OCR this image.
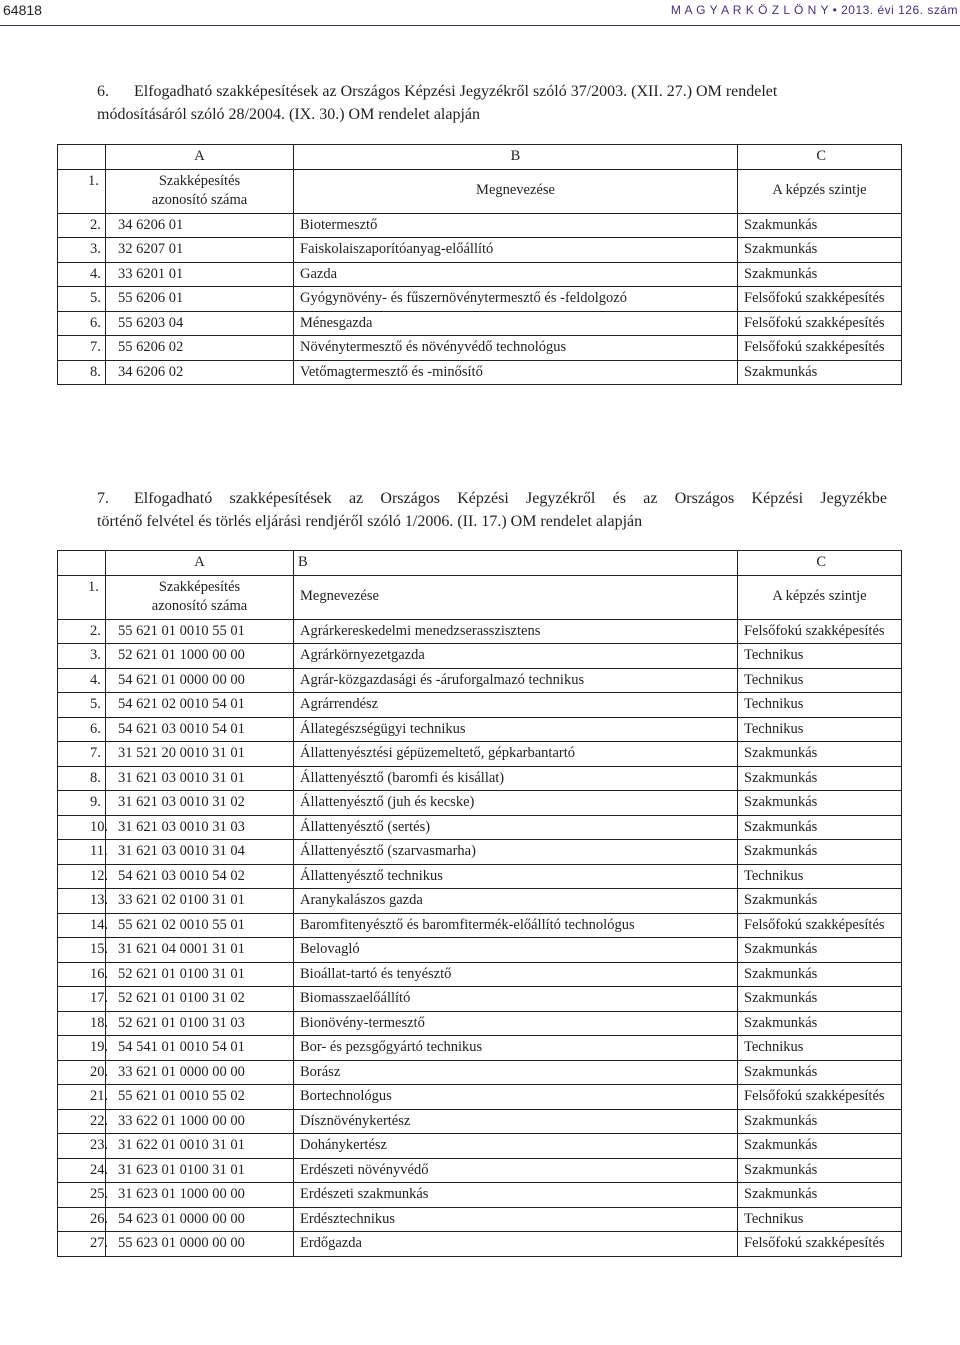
64818	M A G Y A R K Ö Z L Ö N Y • 2013. évi 126. szám
6. Elfogadható szakképesítések az Országos Képzési Jegyzékről szóló 37/2003. (XII. 27.) OM rendelet
módosításáról szóló 28/2004. (IX. 30.) OM rendelet alapján
	A	B	C
1.	Szakképesítés
azonosító száma	Megnevezése	A képzés szintje
2.	34 6206 01	Biotermesztő	Szakmunkás
3.	32 6207 01	Faiskolaiszaporítóanyag-előállító	Szakmunkás
4.	33 6201 01	Gazda	Szakmunkás
5.	55 6206 01	Gyógynövény- és fűszernövénytermesztő és -feldolgozó	Felsőfokú szakképesítés
6.	55 6203 04	Ménesgazda	Felsőfokú szakképesítés
7.	55 6206 02	Növénytermesztő és növényvédő technológus	Felsőfokú szakképesítés
8.	34 6206 02	Vetőmagtermesztő és -minősítő	Szakmunkás
7. Elfogadható szakképesítések az Országos Képzési Jegyzékről és az Országos Képzési Jegyzékbe
történő felvétel és törlés eljárási rendjéről szóló 1/2006. (II. 17.) OM rendelet alapján
	A	B	C
1.	Szakképesítés
azonosító száma	Megnevezése	A képzés szintje
2.	55 621 01 0010 55 01	Agrárkereskedelmi menedzserasszisztens	Felsőfokú szakképesítés
3.	52 621 01 1000 00 00	Agrárkörnyezetgazda	Technikus
4.	54 621 01 0000 00 00	Agrár-közgazdasági és -áruforgalmazó technikus	Technikus
5.	54 621 02 0010 54 01	Agrárrendész	Technikus
6.	54 621 03 0010 54 01	Állategészségügyi technikus	Technikus
7.	31 521 20 0010 31 01	Állattenyésztési gépüzemeltető, gépkarbantartó	Szakmunkás
8.	31 621 03 0010 31 01	Állattenyésztő (baromfi és kisállat)	Szakmunkás
9.	31 621 03 0010 31 02	Állattenyésztő (juh és kecske)	Szakmunkás
10.	31 621 03 0010 31 03	Állattenyésztő (sertés)	Szakmunkás
11.	31 621 03 0010 31 04	Állattenyésztő (szarvasmarha)	Szakmunkás
12.	54 621 03 0010 54 02	Állattenyésztő technikus	Technikus
13.	33 621 02 0100 31 01	Aranykalászos gazda	Szakmunkás
14.	55 621 02 0010 55 01	Baromfitenyésztő és baromfitermék-előállító technológus	Felsőfokú szakképesítés
15.	31 621 04 0001 31 01	Belovagló	Szakmunkás
16.	52 621 01 0100 31 01	Bioállat-tartó és tenyésztő	Szakmunkás
17.	52 621 01 0100 31 02	Biomasszaelőállító	Szakmunkás
18.	52 621 01 0100 31 03	Bionövény-termesztő	Szakmunkás
19.	54 541 01 0010 54 01	Bor- és pezsgőgyártó technikus	Technikus
20.	33 621 01 0000 00 00	Borász	Szakmunkás
21.	55 621 01 0010 55 02	Bortechnológus	Felsőfokú szakképesítés
22.	33 622 01 1000 00 00	Dísznövénykertész	Szakmunkás
23.	31 622 01 0010 31 01	Dohánykertész	Szakmunkás
24.	31 623 01 0100 31 01	Erdészeti növényvédő	Szakmunkás
25.	31 623 01 1000 00 00	Erdészeti szakmunkás	Szakmunkás
26.	54 623 01 0000 00 00	Erdésztechnikus	Technikus
27.	55 623 01 0000 00 00	Erdőgazda	Felsőfokú szakképesítés
